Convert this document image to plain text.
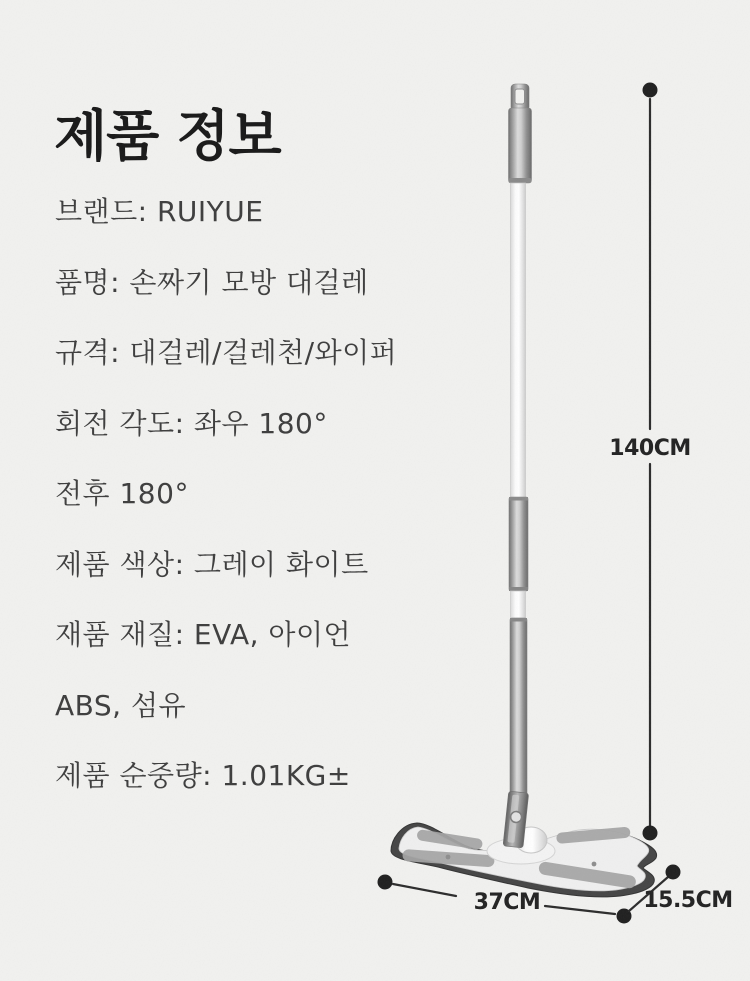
제품 정보
브랜드: RUIYUE
품명: 손짜기 모방 대걸레
규격: 대걸레/걸레천/와이퍼
회전 각도: 좌우 180°
전후 180°
제품 색상: 그레이 화이트
재품 재질: EVA, 아이언
ABS, 섬유
제품 순중량: 1.01KG±
140CM
37CM	15.5CM
